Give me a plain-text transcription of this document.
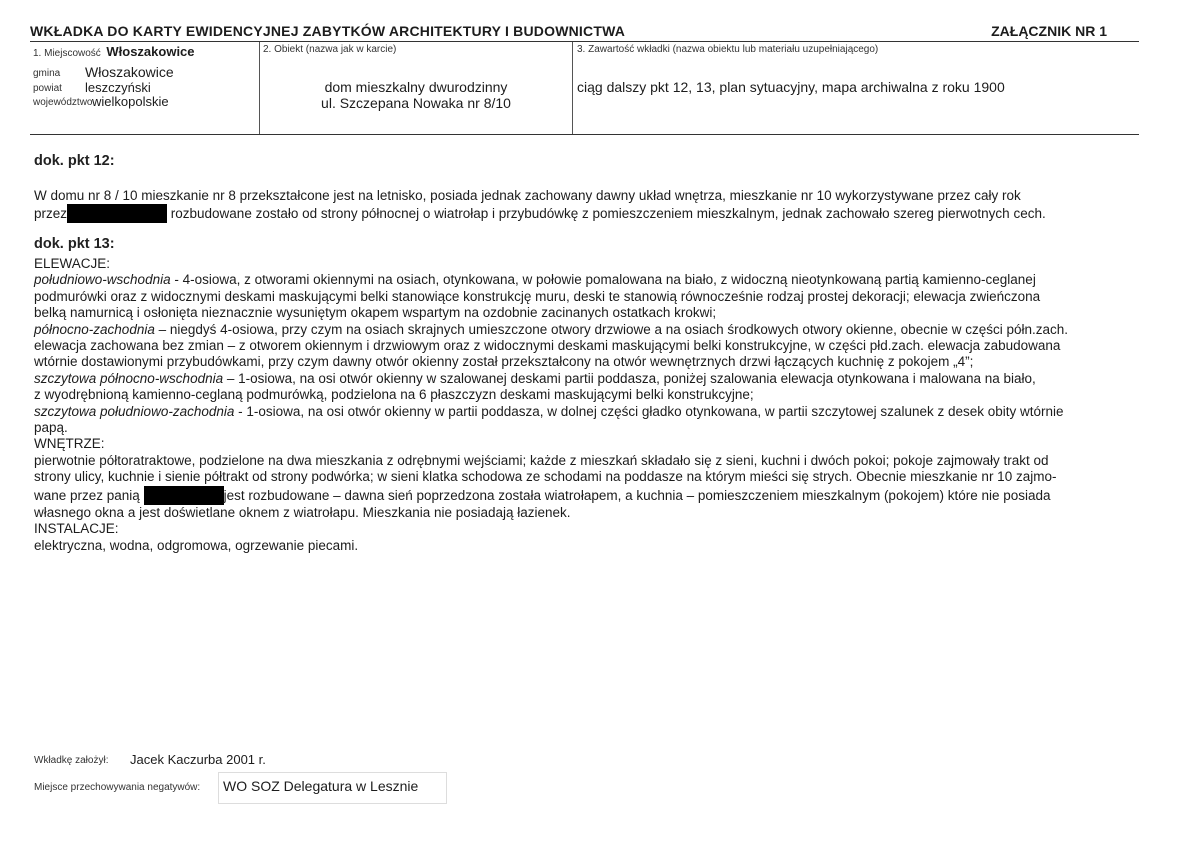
WKŁADKA DO KARTY EWIDENCYJNEJ ZABYTKÓW ARCHITEKTURY I BUDOWNICTWA	ZAŁĄCZNIK NR 1
1. Miejscowość Włoszakowice
gmina Włoszakowice
powiat leszczyński
województwo wielkopolskie
2. Obiekt (nazwa jak w karcie)
dom mieszkalny dwurodzinny
ul. Szczepana Nowaka nr 8/10
3. Zawartość wkładki (nazwa obiektu lub materiału uzupełniającego)
ciąg dalszy pkt 12, 13, plan sytuacyjny, mapa archiwalna z roku 1900
dok. pkt 12:
W domu nr 8 / 10 mieszkanie nr 8 przekształcone jest na letnisko, posiada jednak zachowany dawny układ wnętrza, mieszkanie nr 10 wykorzystywane przez cały rok
przez	rozbudowane zostało od strony północnej o wiatrołap i przybudówkę z pomieszczeniem mieszkalnym, jednak zachowało szereg pierwotnych cech.
dok. pkt 13:
ELEWACJE:
południowo-wschodnia - 4-osiowa, z otworami okiennymi na osiach, otynkowana, w połowie pomalowana na biało, z widoczną nieotynkowaną partią kamienno-ceglanej
podmurówki oraz z widocznymi deskami maskującymi belki stanowiące konstrukcję muru, deski te stanowią równocześnie rodzaj prostej dekoracji; elewacja zwieńczona
belką namurnicą i osłonięta nieznacznie wysuniętym okapem wspartym na ozdobnie zacinanych ostatkach krokwi;
północno-zachodnia – niegdyś 4-osiowa, przy czym na osiach skrajnych umieszczone otwory drzwiowe a na osiach środkowych otwory okienne, obecnie w części półn.zach.
elewacja zachowana bez zmian – z otworem okiennym i drzwiowym oraz z widocznymi deskami maskującymi belki konstrukcyjne, w części płd.zach. elewacja zabudowana
wtórnie dostawionymi przybudówkami, przy czym dawny otwór okienny został przekształcony na otwór wewnętrznych drzwi łączących kuchnię z pokojem „4”;
szczytowa północno-wschodnia – 1-osiowa, na osi otwór okienny w szalowanej deskami partii poddasza, poniżej szalowania elewacja otynkowana i malowana na biało,
z wyodrębnioną kamienno-ceglaną podmurówką, podzielona na 6 płaszczyzn deskami maskującymi belki konstrukcyjne;
szczytowa południowo-zachodnia - 1-osiowa, na osi otwór okienny w partii poddasza, w dolnej części gładko otynkowana, w partii szczytowej szalunek z desek obity wtórnie
papą.
WNĘTRZE:
pierwotnie półtoratraktowe, podzielone na dwa mieszkania z odrębnymi wejściami; każde z mieszkań składało się z sieni, kuchni i dwóch pokoi; pokoje zajmowały trakt od
strony ulicy, kuchnie i sienie półtrakt od strony podwórka; w sieni klatka schodowa ze schodami na poddasze na którym mieści się strych. Obecnie mieszkanie nr 10 zajmo-
wane przez panią	jest rozbudowane – dawna sień poprzedzona została wiatrołapem, a kuchnia – pomieszczeniem mieszkalnym (pokojem) które nie posiada
własnego okna a jest doświetlane oknem z wiatrołapu. Mieszkania nie posiadają łazienek.
INSTALACJE:
elektryczna, wodna, odgromowa, ogrzewanie piecami.
Wkładkę założył: Jacek Kaczurba 2001 r.
Miejsce przechowywania negatywów: WO SOZ Delegatura w Lesznie
